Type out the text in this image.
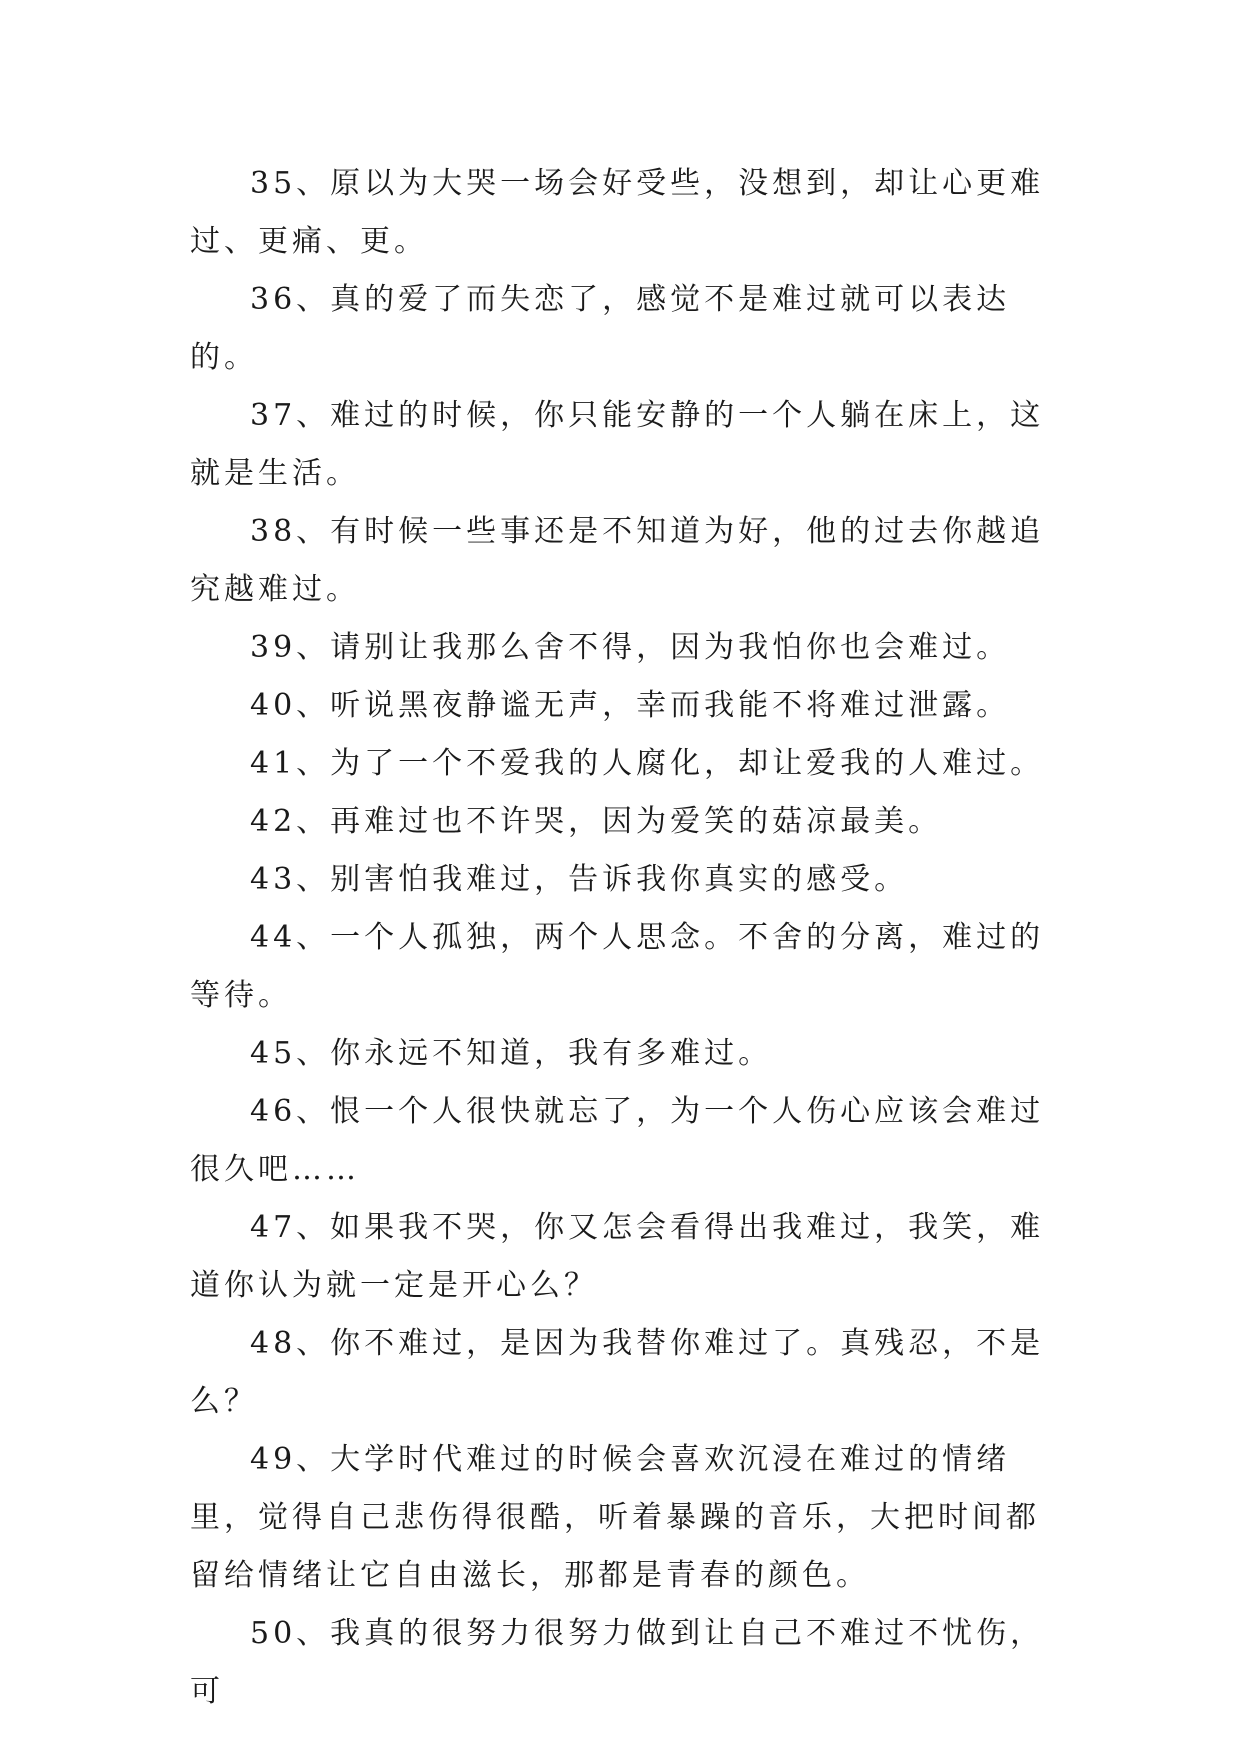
35、原以为大哭一场会好受些，没想到，却让心更难过、更痛、更。

36、真的爱了而失恋了，感觉不是难过就可以表达的。

37、难过的时候，你只能安静的一个人躺在床上，这就是生活。

38、有时候一些事还是不知道为好，他的过去你越追究越难过。

39、请别让我那么舍不得，因为我怕你也会难过。

40、听说黑夜静谧无声，幸而我能不将难过泄露。

41、为了一个不爱我的人腐化，却让爱我的人难过。

42、再难过也不许哭，因为爱笑的菇凉最美。

43、别害怕我难过，告诉我你真实的感受。

44、一个人孤独，两个人思念。不舍的分离，难过的等待。

45、你永远不知道，我有多难过。

46、恨一个人很快就忘了，为一个人伤心应该会难过很久吧……

47、如果我不哭，你又怎会看得出我难过，我笑，难道你认为就一定是开心么？

48、你不难过，是因为我替你难过了。真残忍，不是么？

49、大学时代难过的时候会喜欢沉浸在难过的情绪里，觉得自己悲伤得很酷，听着暴躁的音乐，大把时间都留给情绪让它自由滋长，那都是青春的颜色。

50、我真的很努力很努力做到让自己不难过不忧伤，可
